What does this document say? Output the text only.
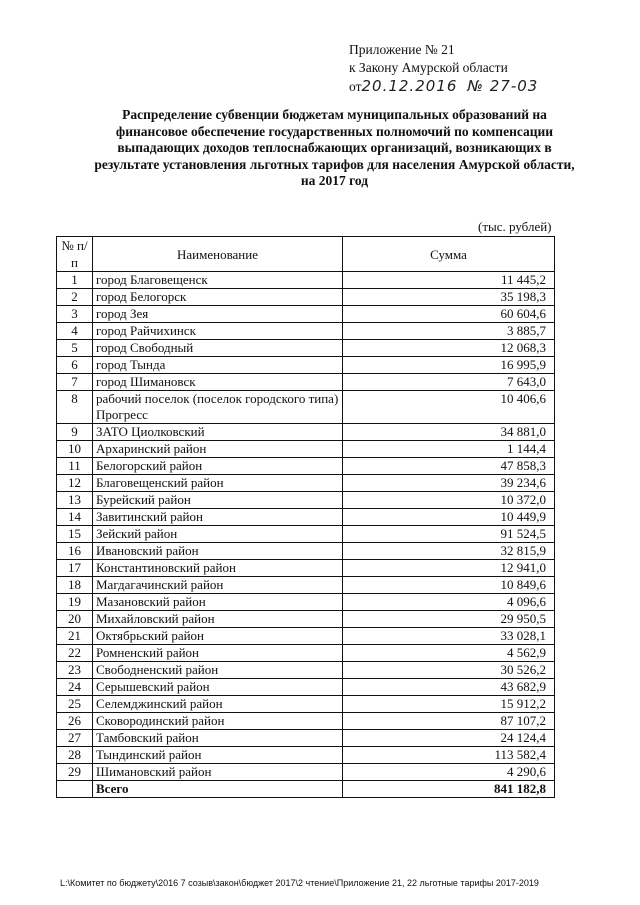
Приложение № 21
к Закону Амурской области
от20.12.2016 № 27-03
Распределение субвенции бюджетам муниципальных образований на финансовое обеспечение государственных полномочий по компенсации выпадающих доходов теплоснабжающих организаций, возникающих в результате установления льготных тарифов для населения Амурской области, на 2017 год
(тыс. рублей)
№ п/п	Наименование	Сумма
1	город Благовещенск	11 445,2
2	город Белогорск	35 198,3
3	город Зея	60 604,6
4	город Райчихинск	3 885,7
5	город Свободный	12 068,3
6	город Тында	16 995,9
7	город Шимановск	7 643,0
8	рабочий поселок (поселок городского типа) Прогресс	10 406,6
9	ЗАТО Циолковский	34 881,0
10	Архаринский район	1 144,4
11	Белогорский район	47 858,3
12	Благовещенский район	39 234,6
13	Бурейский район	10 372,0
14	Завитинский район	10 449,9
15	Зейский район	91 524,5
16	Ивановский район	32 815,9
17	Константиновский район	12 941,0
18	Магдагачинский район	10 849,6
19	Мазановский район	4 096,6
20	Михайловский район	29 950,5
21	Октябрьский район	33 028,1
22	Ромненский район	4 562,9
23	Свободненский район	30 526,2
24	Серышевский район	43 682,9
25	Селемджинский район	15 912,2
26	Сковородинский район	87 107,2
27	Тамбовский район	24 124,4
28	Тындинский район	113 582,4
29	Шимановский район	4 290,6
	Всего	841 182,8
L:\Комитет по бюджету\2016 7 созыв\закон\бюджет 2017\2 чтение\Приложение 21, 22 льготные тарифы 2017-2019
